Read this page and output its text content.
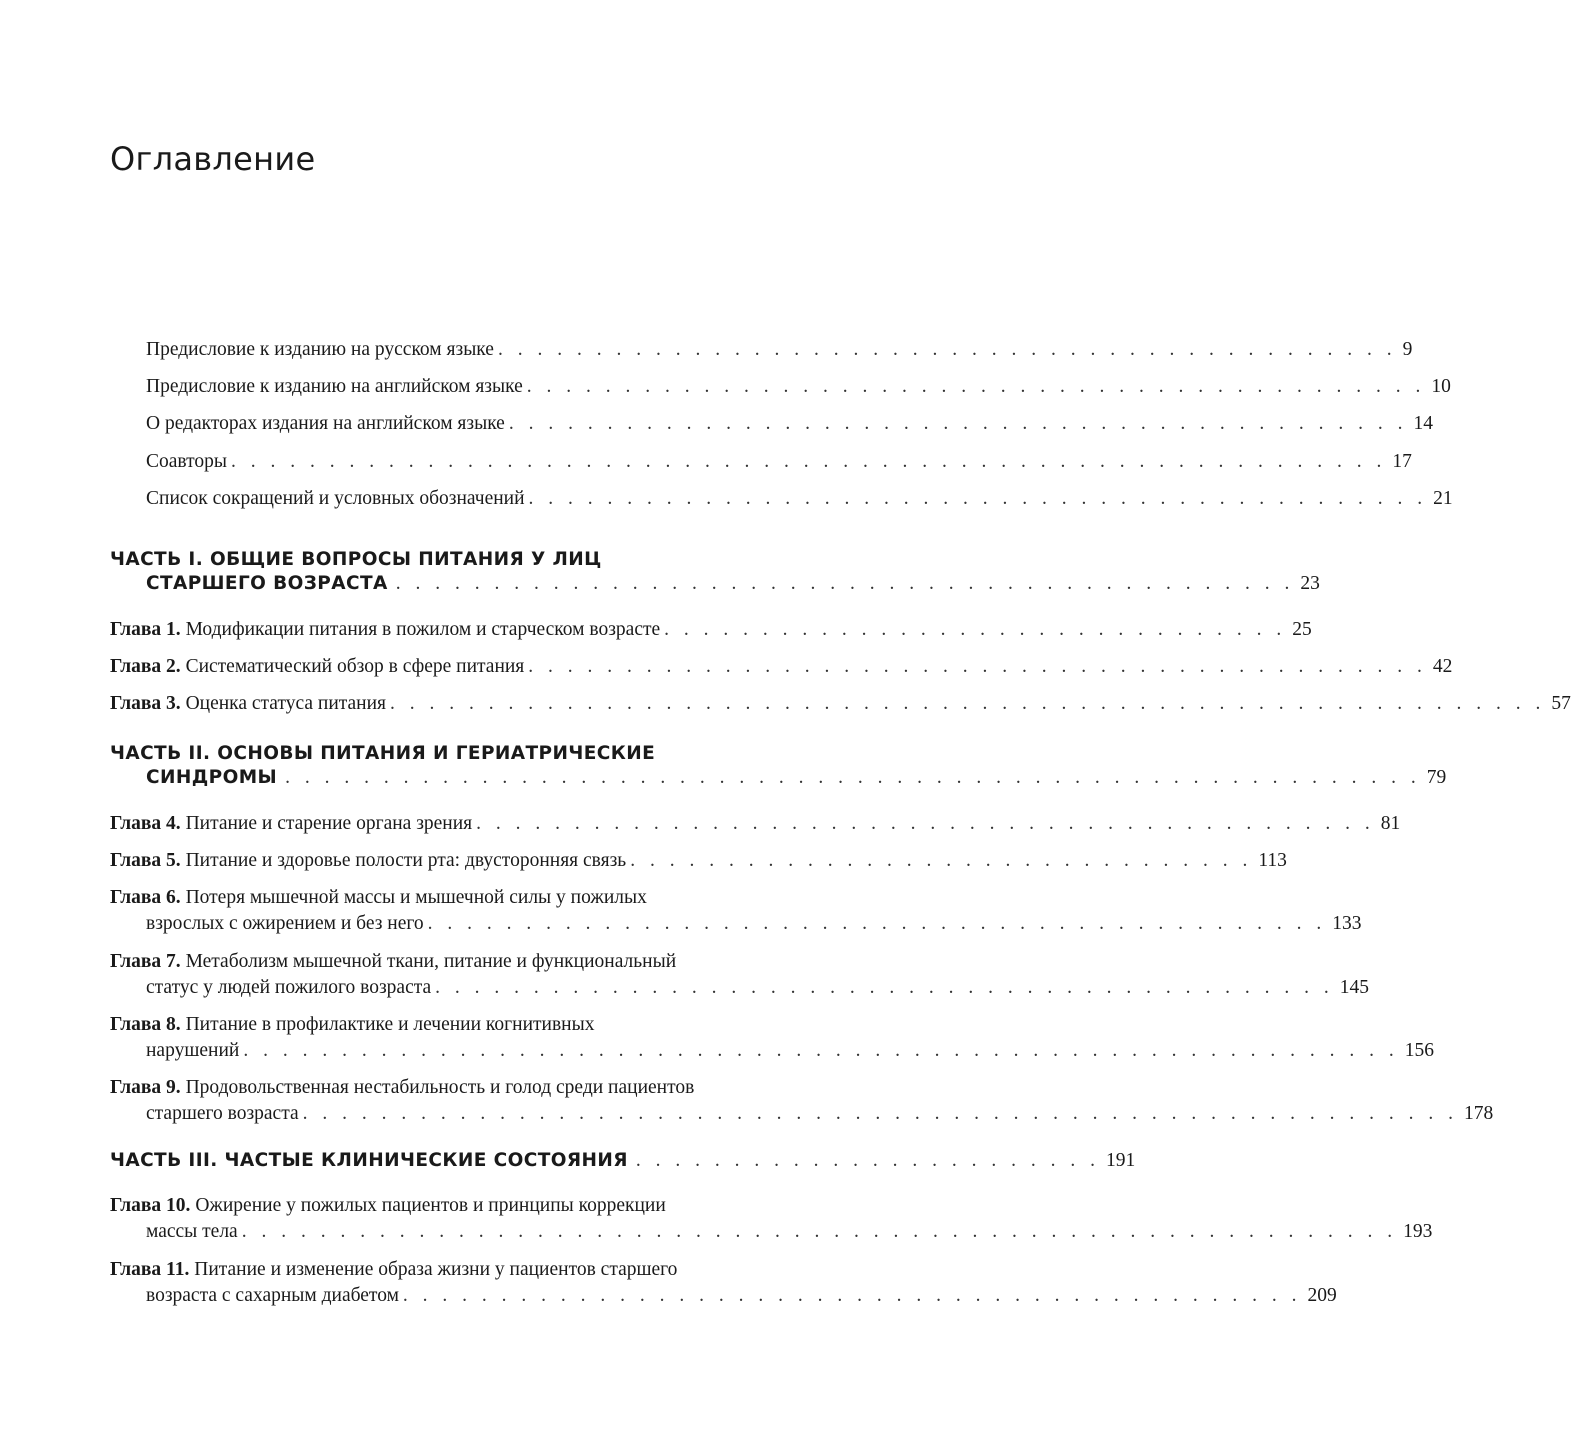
Оглавление
Предисловие к изданию на русском языке . . . . . . . . . . . . . . . . . . . . . . . . . . . . . . . . . . . . . . . . . . . . . . 9
Предисловие к изданию на английском языке . . . . . . . . . . . . . . . . . . . . . . . . . . . . . . . . . . . . . . . . . . . . . . 10
О редакторах издания на английском языке . . . . . . . . . . . . . . . . . . . . . . . . . . . . . . . . . . . . . . . . . . . . . . 14
Соавторы . . . . . . . . . . . . . . . . . . . . . . . . . . . . . . . . . . . . . . . . . . . . . . . . . . . . . . . . . . . 17
Список сокращений и условных обозначений . . . . . . . . . . . . . . . . . . . . . . . . . . . . . . . . . . . . . . . . . . . . . . 21
ЧАСТЬ I. ОБЩИЕ ВОПРОСЫ ПИТАНИЯ У ЛИЦ
СТАРШЕГО ВОЗРАСТА . . . . . . . . . . . . . . . . . . . . . . . . . . . . . . . . . . . . . . . . . . . . . . 23
Глава 1. Модификации питания в пожилом и старческом возрасте . . . . . . . . . . . . . . . . . . . . . . . . . . . . . . . . 25
Глава 2. Систематический обзор в сфере питания . . . . . . . . . . . . . . . . . . . . . . . . . . . . . . . . . . . . . . . . . . . . . . 42
Глава 3. Оценка статуса питания . . . . . . . . . . . . . . . . . . . . . . . . . . . . . . . . . . . . . . . . . . . . . . . . . . . . . . . . . . . 57
ЧАСТЬ II. ОСНОВЫ ПИТАНИЯ И ГЕРИАТРИЧЕСКИЕ
СИНДРОМЫ . . . . . . . . . . . . . . . . . . . . . . . . . . . . . . . . . . . . . . . . . . . . . . . . . . . . . . . . . . 79
Глава 4. Питание и старение органа зрения . . . . . . . . . . . . . . . . . . . . . . . . . . . . . . . . . . . . . . . . . . . . . . 81
Глава 5. Питание и здоровье полости рта: двусторонняя связь . . . . . . . . . . . . . . . . . . . . . . . . . . . . . . . . 113
Глава 6. Потеря мышечной массы и мышечной силы у пожилых
взрослых с ожирением и без него . . . . . . . . . . . . . . . . . . . . . . . . . . . . . . . . . . . . . . . . . . . . . . 133
Глава 7. Метаболизм мышечной ткани, питание и функциональный
статус у людей пожилого возраста . . . . . . . . . . . . . . . . . . . . . . . . . . . . . . . . . . . . . . . . . . . . . . 145
Глава 8. Питание в профилактике и лечении когнитивных
нарушений . . . . . . . . . . . . . . . . . . . . . . . . . . . . . . . . . . . . . . . . . . . . . . . . . . . . . . . . . . . 156
Глава 9. Продовольственная нестабильность и голод среди пациентов
старшего возраста . . . . . . . . . . . . . . . . . . . . . . . . . . . . . . . . . . . . . . . . . . . . . . . . . . . . . . . . . . . 178
ЧАСТЬ III. ЧАСТЫЕ КЛИНИЧЕСКИЕ СОСТОЯНИЯ . . . . . . . . . . . . . . . . . . . . . . . . 191
Глава 10. Ожирение у пожилых пациентов и принципы коррекции
массы тела . . . . . . . . . . . . . . . . . . . . . . . . . . . . . . . . . . . . . . . . . . . . . . . . . . . . . . . . . . . 193
Глава 11. Питание и изменение образа жизни у пациентов старшего
возраста с сахарным диабетом . . . . . . . . . . . . . . . . . . . . . . . . . . . . . . . . . . . . . . . . . . . . . . 209
